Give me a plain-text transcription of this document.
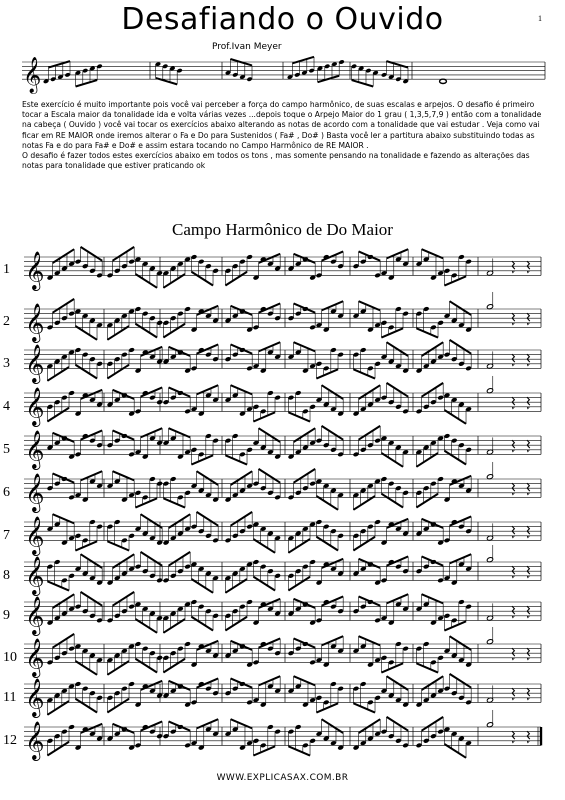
Desafiando o Ouvido	1
Prof.Ivan Meyer

Este exercício é muito importante pois você vai perceber a força do campo harmônico, de suas escalas e arpejos. O desafio é primeiro tocar a Escala maior da tonalidade ida e volta várias vezes ...depois toque o Arpejo Maior do 1 grau ( 1,3,5,7,9 ) então com a tonalidade na cabeça ( Ouvido ) você vai tocar os exercícios abaixo alterando as notas de acordo com a tonalidade que vai estudar . Veja como vai ficar em RE MAIOR onde iremos alterar o Fa e Do para Sustenidos ( Fa# , Do# ) Basta você ler a partitura abaixo substituindo todas as notas Fa e do para Fa# e Do# e assim estara tocando no Campo Harmônico de RE MAIOR .

O desafio é fazer todos estes exercícios abaixo em todos os tons , mas somente pensando na tonalidade e fazendo as alterações das notas para tonalidade que estiver praticando ok

Campo Harmônico de Do Maior
1
2
3
4
5
6
7
8
9
10
11
12
𝄞
𝄞
𝄞
𝄞
𝄞
𝄞
𝄞
𝄞
𝄞
𝄞
𝄞
𝄞
𝄞
WWW.EXPLICASAX.COM.BR
